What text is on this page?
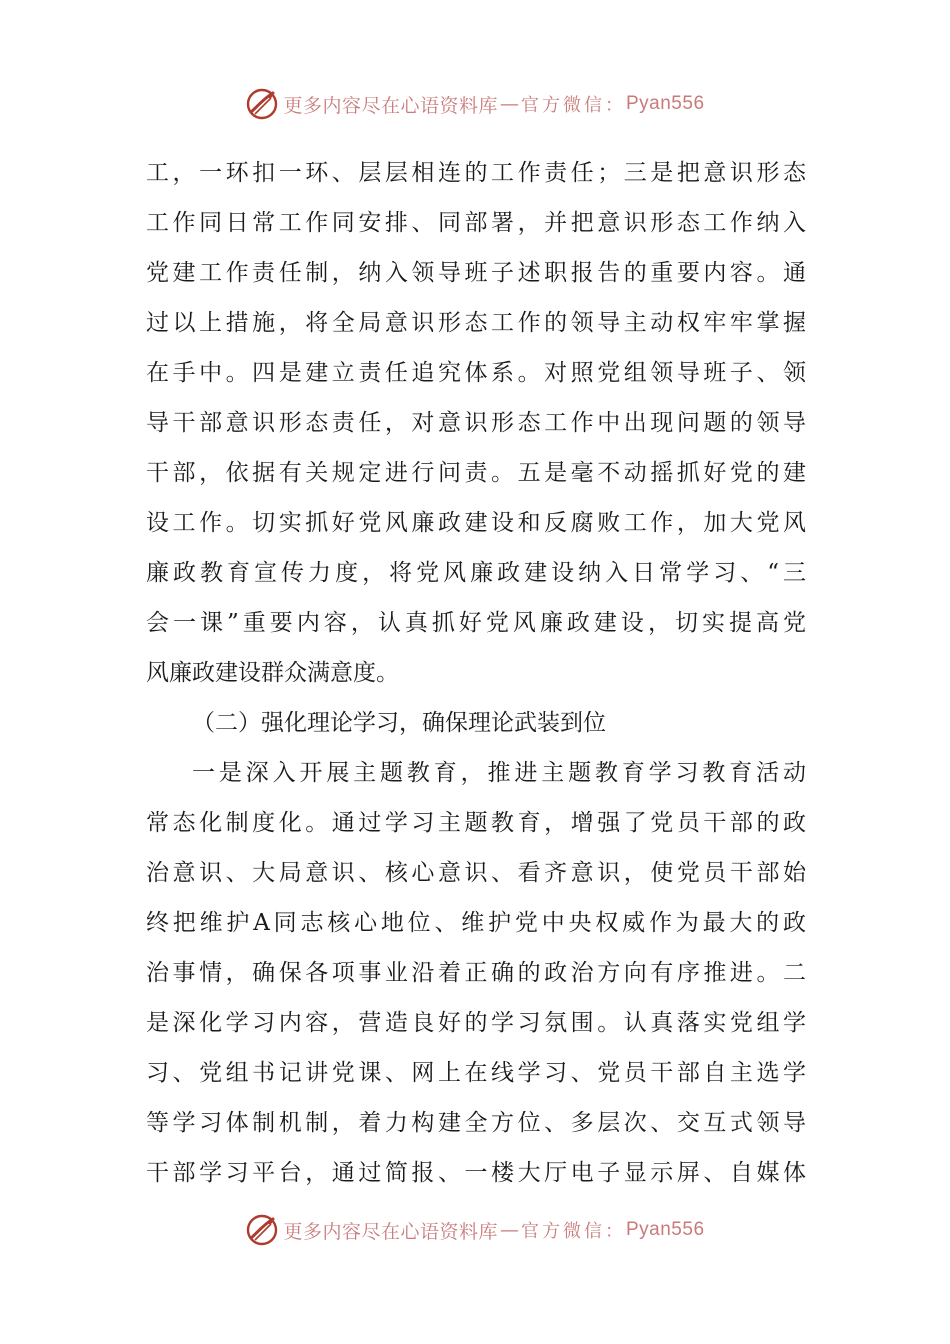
更多内容尽在心语资料库 — 官方微信： Pyan556
工，一环扣一环、层层相连的工作责任；三是把意识形态
工作同日常工作同安排、同部署，并把意识形态工作纳入
党建工作责任制，纳入领导班子述职报告的重要内容。通
过以上措施，将全局意识形态工作的领导主动权牢牢掌握
在手中。四是建立责任追究体系。对照党组领导班子、领
导干部意识形态责任，对意识形态工作中出现问题的领导
干部，依据有关规定进行问责。五是毫不动摇抓好党的建
设工作。切实抓好党风廉政建设和反腐败工作，加大党风
廉政教育宣传力度，将党风廉政建设纳入日常学习、“三
会一课”重要内容，认真抓好党风廉政建设，切实提高党
风廉政建设群众满意度。
（二）强化理论学习，确保理论武装到位
一是深入开展主题教育，推进主题教育学习教育活动
常态化制度化。通过学习主题教育，增强了党员干部的政
治意识、大局意识、核心意识、看齐意识，使党员干部始
终把维护A同志核心地位、维护党中央权威作为最大的政
治事情，确保各项事业沿着正确的政治方向有序推进。二
是深化学习内容，营造良好的学习氛围。认真落实党组学
习、党组书记讲党课、网上在线学习、党员干部自主选学
等学习体制机制，着力构建全方位、多层次、交互式领导
干部学习平台，通过简报、一楼大厅电子显示屏、自媒体
更多内容尽在心语资料库 — 官方微信： Pyan556
